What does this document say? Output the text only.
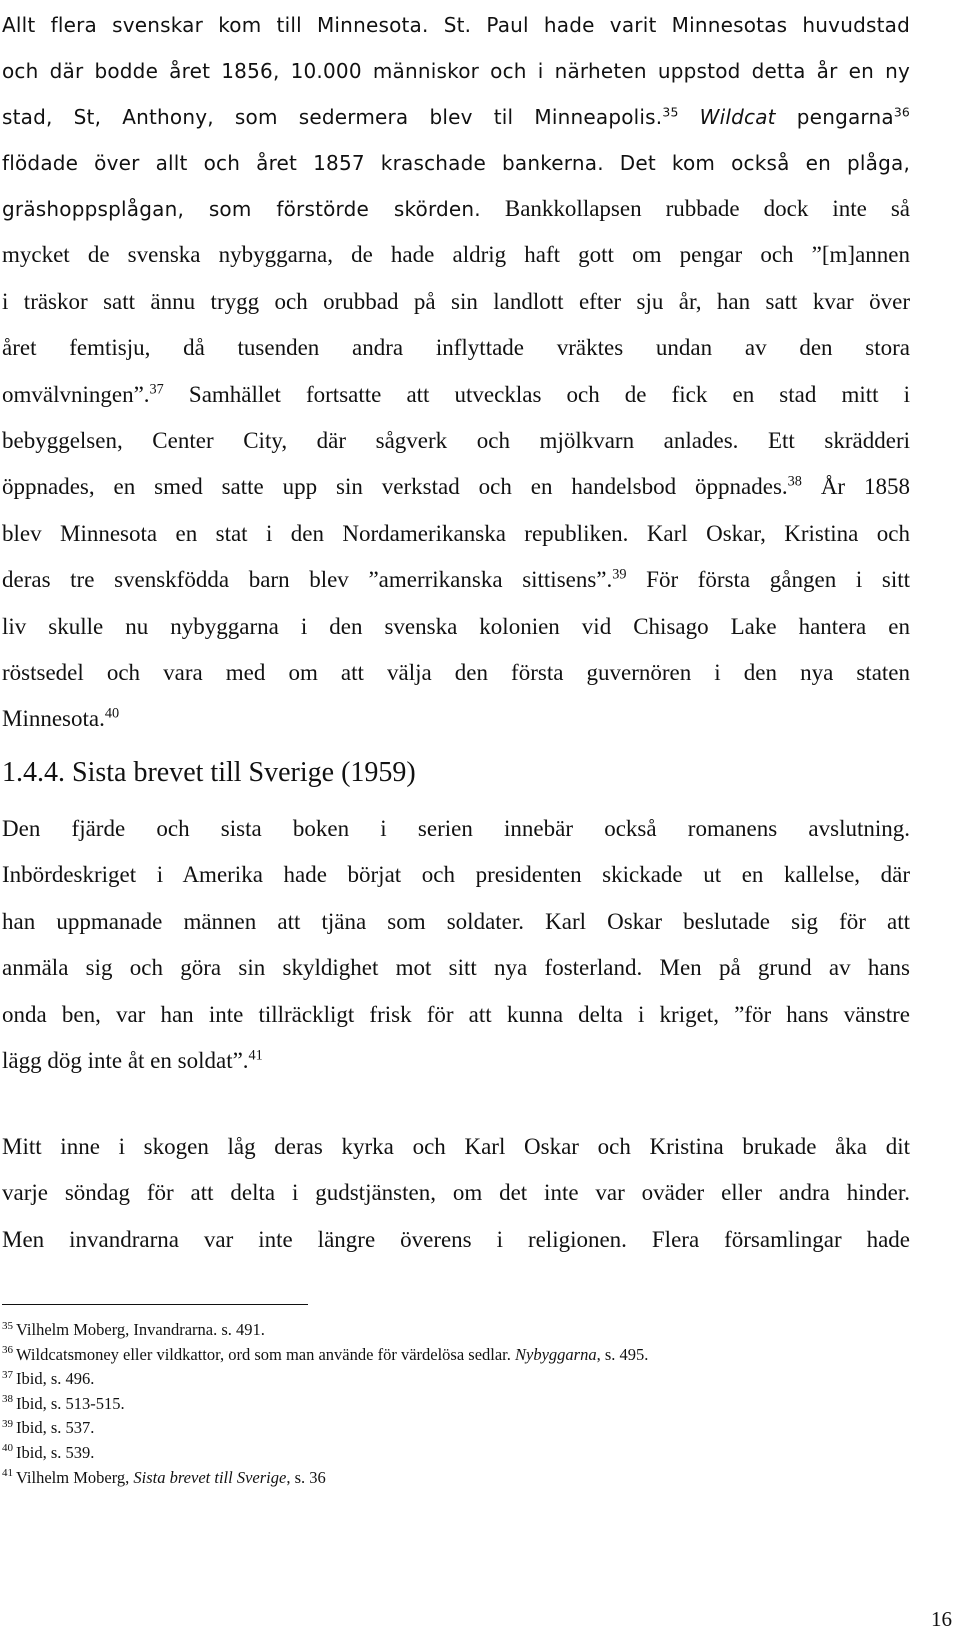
Allt flera svenskar kom till Minnesota. St. Paul hade varit Minnesotas huvudstad
och där bodde året 1856, 10.000 människor och i närheten uppstod detta år en ny
stad, St, Anthony, som sedermera blev til Minneapolis.$^{35}$ Wildcat pengarna$^{36}$
flödade över allt och året 1857 kraschade bankerna. Det kom också en plåga,
gräshoppsplågan, som förstörde skörden. Bankkollapsen rubbade dock inte så
mycket de svenska nybyggarna, de hade aldrig haft gott om pengar och ”[m]annen
i träskor satt ännu trygg och orubbad på sin landlott efter sju år, han satt kvar över
året femtisju, då tusenden andra inflyttade vräktes undan av den stora
omvälvningen”.$^{37}$ Samhället fortsatte att utvecklas och de fick en stad mitt i
bebyggelsen, Center City, där sågverk och mjölkvarn anlades. Ett skrädderi
öppnades, en smed satte upp sin verkstad och en handelsbod öppnades.$^{38}$ År 1858
blev Minnesota en stat i den Nordamerikanska republiken. Karl Oskar, Kristina och
deras tre svenskfödda barn blev ”amerrikanska sittisens”.$^{39}$ För första gången i sitt
liv skulle nu nybyggarna i den svenska kolonien vid Chisago Lake hantera en
röstsedel och vara med om att välja den första guvernören i den nya staten
Minnesota.$^{40}$
1.4.4. Sista brevet till Sverige (1959)
Den fjärde och sista boken i serien innebär också romanens avslutning.
Inbördeskriget i Amerika hade börjat och presidenten skickade ut en kallelse, där
han uppmanade männen att tjäna som soldater. Karl Oskar beslutade sig för att
anmäla sig och göra sin skyldighet mot sitt nya fosterland. Men på grund av hans
onda ben, var han inte tillräckligt frisk för att kunna delta i kriget, ”för hans vänstre
lägg dög inte åt en soldat”.$^{41}$
Mitt inne i skogen låg deras kyrka och Karl Oskar och Kristina brukade åka dit
varje söndag för att delta i gudstjänsten, om det inte var oväder eller andra hinder.
Men invandrarna var inte längre överens i religionen. Flera församlingar hade
$^{35}$ Vilhelm Moberg, Invandrarna. s. 491.
$^{36}$ Wildcatsmoney eller vildkattor, ord som man använde för värdelösa sedlar. Nybyggarna, s. 495.
$^{37}$ Ibid, s. 496.
$^{38}$ Ibid, s. 513-515.
$^{39}$ Ibid, s. 537.
$^{40}$ Ibid, s. 539.
$^{41}$ Vilhelm Moberg, Sista brevet till Sverige, s. 36
16
